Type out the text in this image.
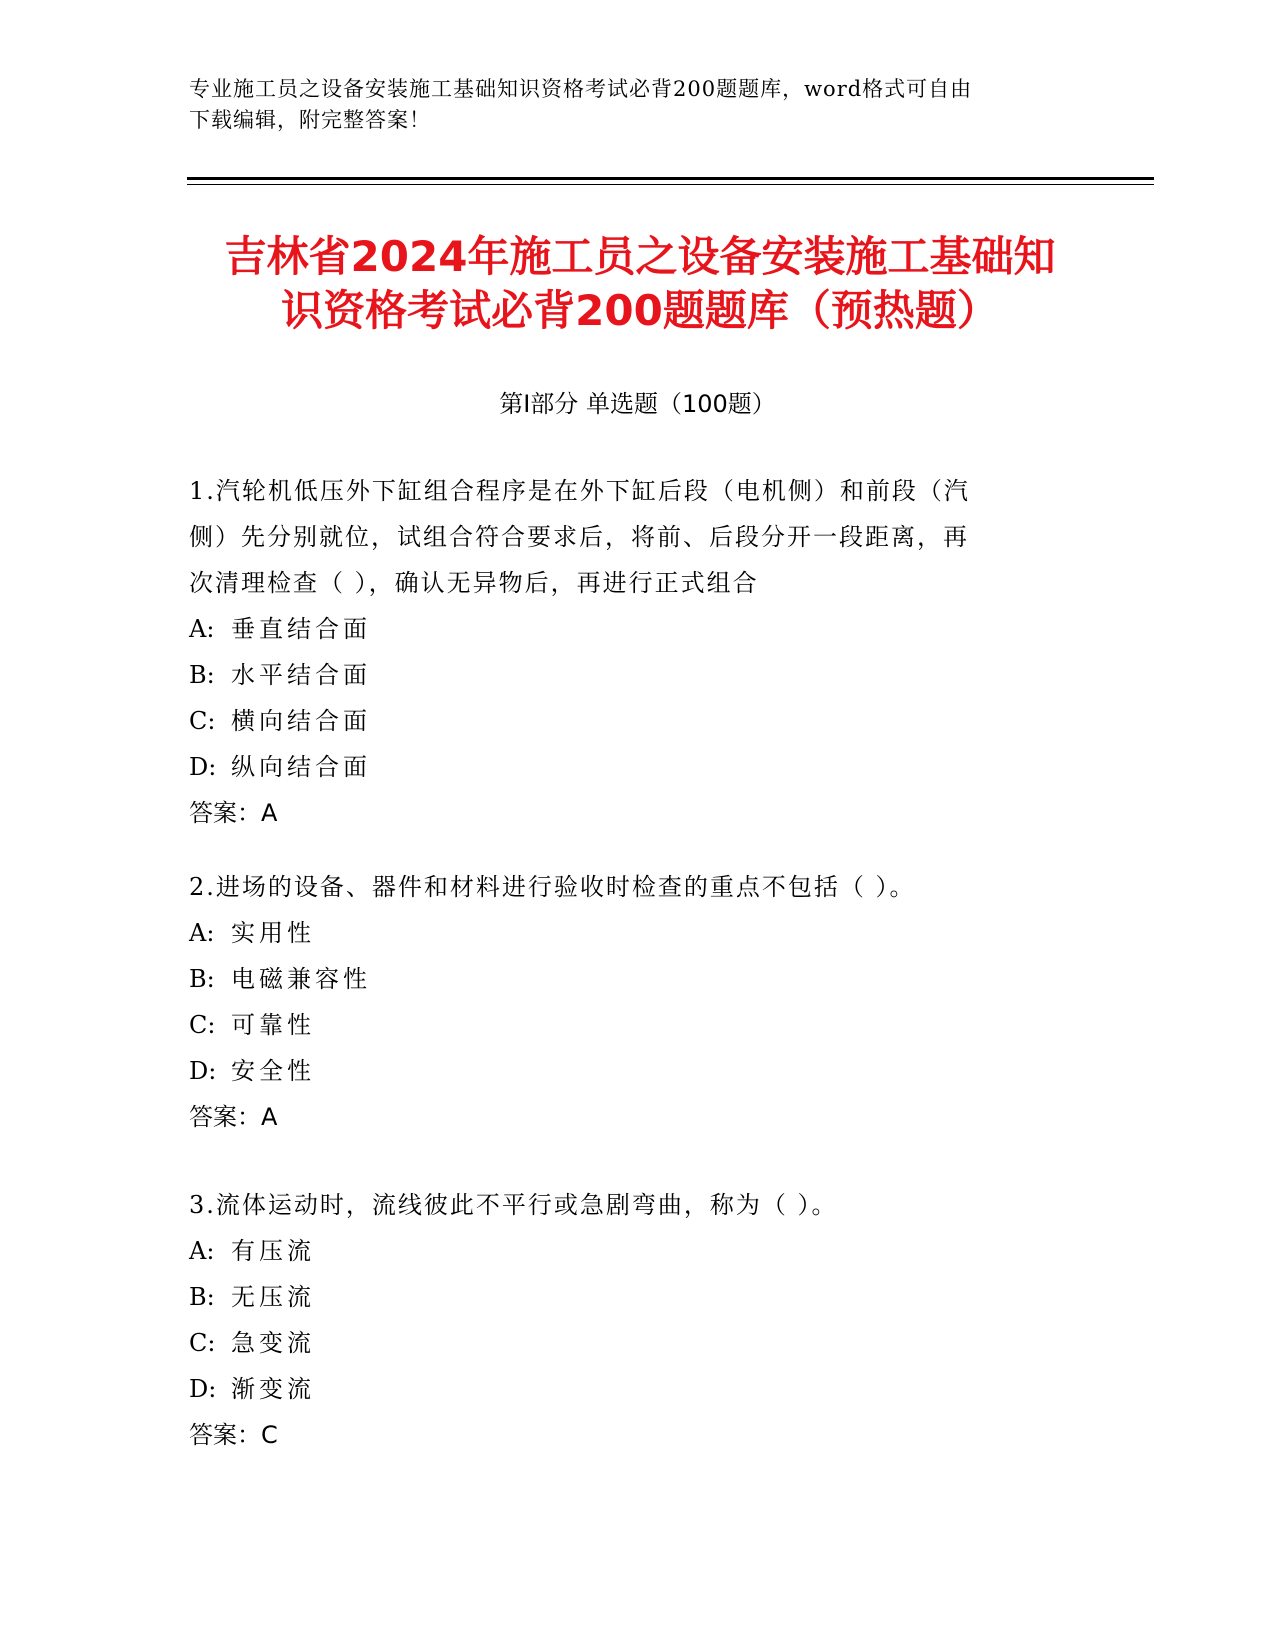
专业施工员之设备安装施工基础知识资格考试必背200题题库，word格式可自由
下载编辑，附完整答案！
吉林省2024年施工员之设备安装施工基础知
识资格考试必背200题题库（预热题）
第Ⅰ部分 单选题（100题）
1.汽轮机低压外下缸组合程序是在外下缸后段（电机侧）和前段（汽
侧）先分别就位，试组合符合要求后，将前、后段分开一段距离，再
次清理检查（ ），确认无异物后，再进行正式组合
A: 垂直结合面
B: 水平结合面
C: 横向结合面
D: 纵向结合面
答案：A
2.进场的设备、器件和材料进行验收时检查的重点不包括（ ）。
A: 实用性
B: 电磁兼容性
C: 可靠性
D: 安全性
答案：A
3.流体运动时，流线彼此不平行或急剧弯曲，称为（ ）。
A: 有压流
B: 无压流
C: 急变流
D: 渐变流
答案：C
